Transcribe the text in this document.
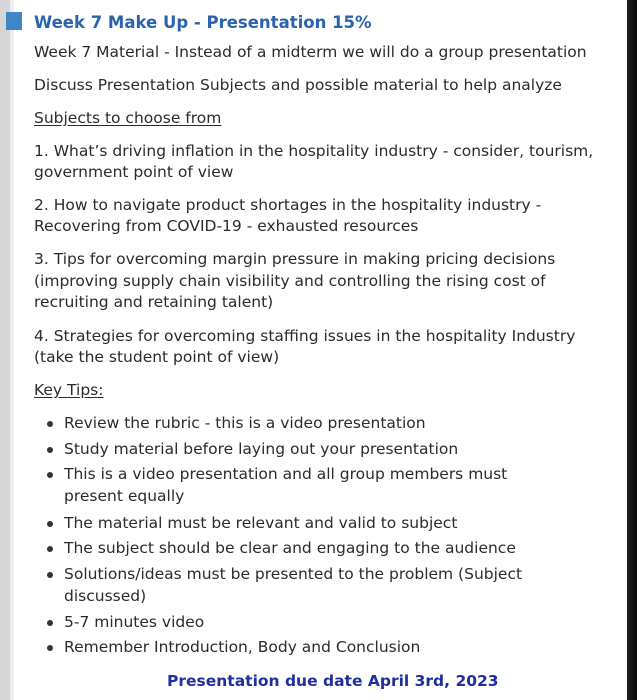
Week 7 Make Up - Presentation 15%
Week 7 Material - Instead of a midterm we will do a group presentation
Discuss Presentation Subjects and possible material to help analyze
Subjects to choose from
1. What’s driving inflation in the hospitality industry - consider, tourism,
government point of view
2. How to navigate product shortages in the hospitality industry -
Recovering from COVID-19 - exhausted resources
3. Tips for overcoming margin pressure in making pricing decisions
(improving supply chain visibility and controlling the rising cost of
recruiting and retaining talent)
4. Strategies for overcoming staffing issues in the hospitality Industry
(take the student point of view)
Key Tips:
Review the rubric - this is a video presentation
Study material before laying out your presentation
This is a video presentation and all group members must
present equally
The material must be relevant and valid to subject
The subject should be clear and engaging to the audience
Solutions/ideas must be presented to the problem (Subject
discussed)
5-7 minutes video
Remember Introduction, Body and Conclusion
Presentation due date April 3rd, 2023
